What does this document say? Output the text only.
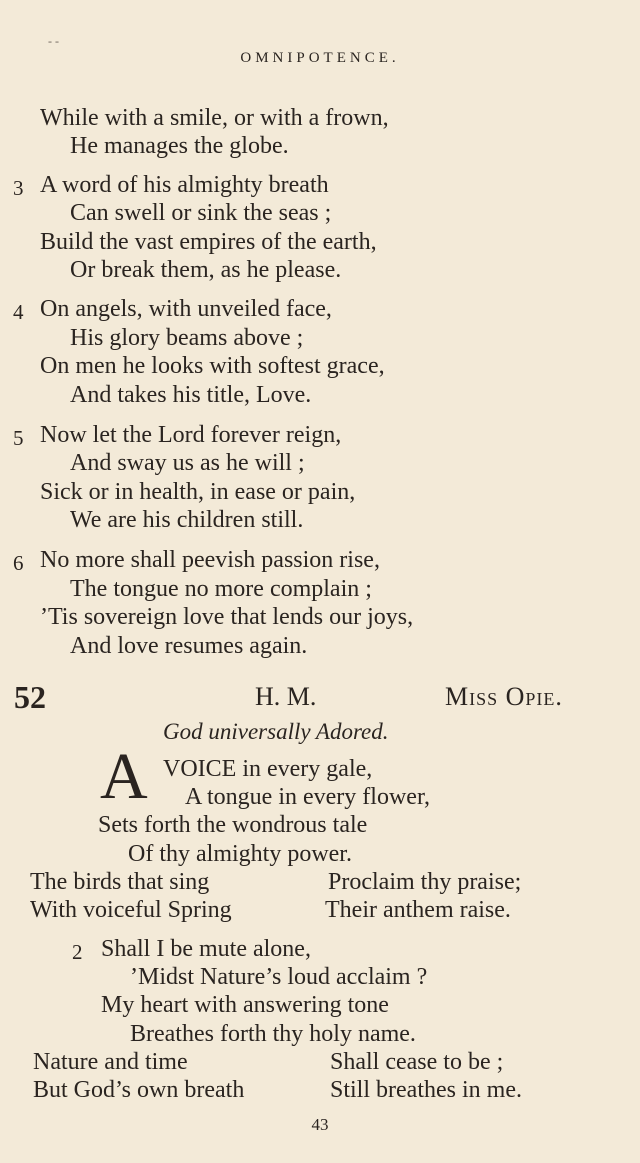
- -
OMNIPOTENCE.
While with a smile, or with a frown,
He manages the globe.
3 A word of his almighty breath
Can swell or sink the seas ;
Build the vast empires of the earth,
Or break them, as he please.
4 On angels, with unveiled face,
His glory beams above ;
On men he looks with softest grace,
And takes his title, Love.
5 Now let the Lord forever reign,
And sway us as he will ;
Sick or in health, in ease or pain,
We are his children still.
6 No more shall peevish passion rise,
The tongue no more complain ;
’Tis sovereign love that lends our joys,
And love resumes again.
52	H. M.	Miss Opie.
God universally Adored.
A VOICE in every gale,
A tongue in every flower,
Sets forth the wondrous tale
Of thy almighty power.
The birds that sing	Proclaim thy praise;
With voiceful Spring	Their anthem raise.
2 Shall I be mute alone,
’Midst Nature’s loud acclaim ?
My heart with answering tone
Breathes forth thy holy name.
Nature and time	Shall cease to be ;
But God’s own breath	Still breathes in me.
43
